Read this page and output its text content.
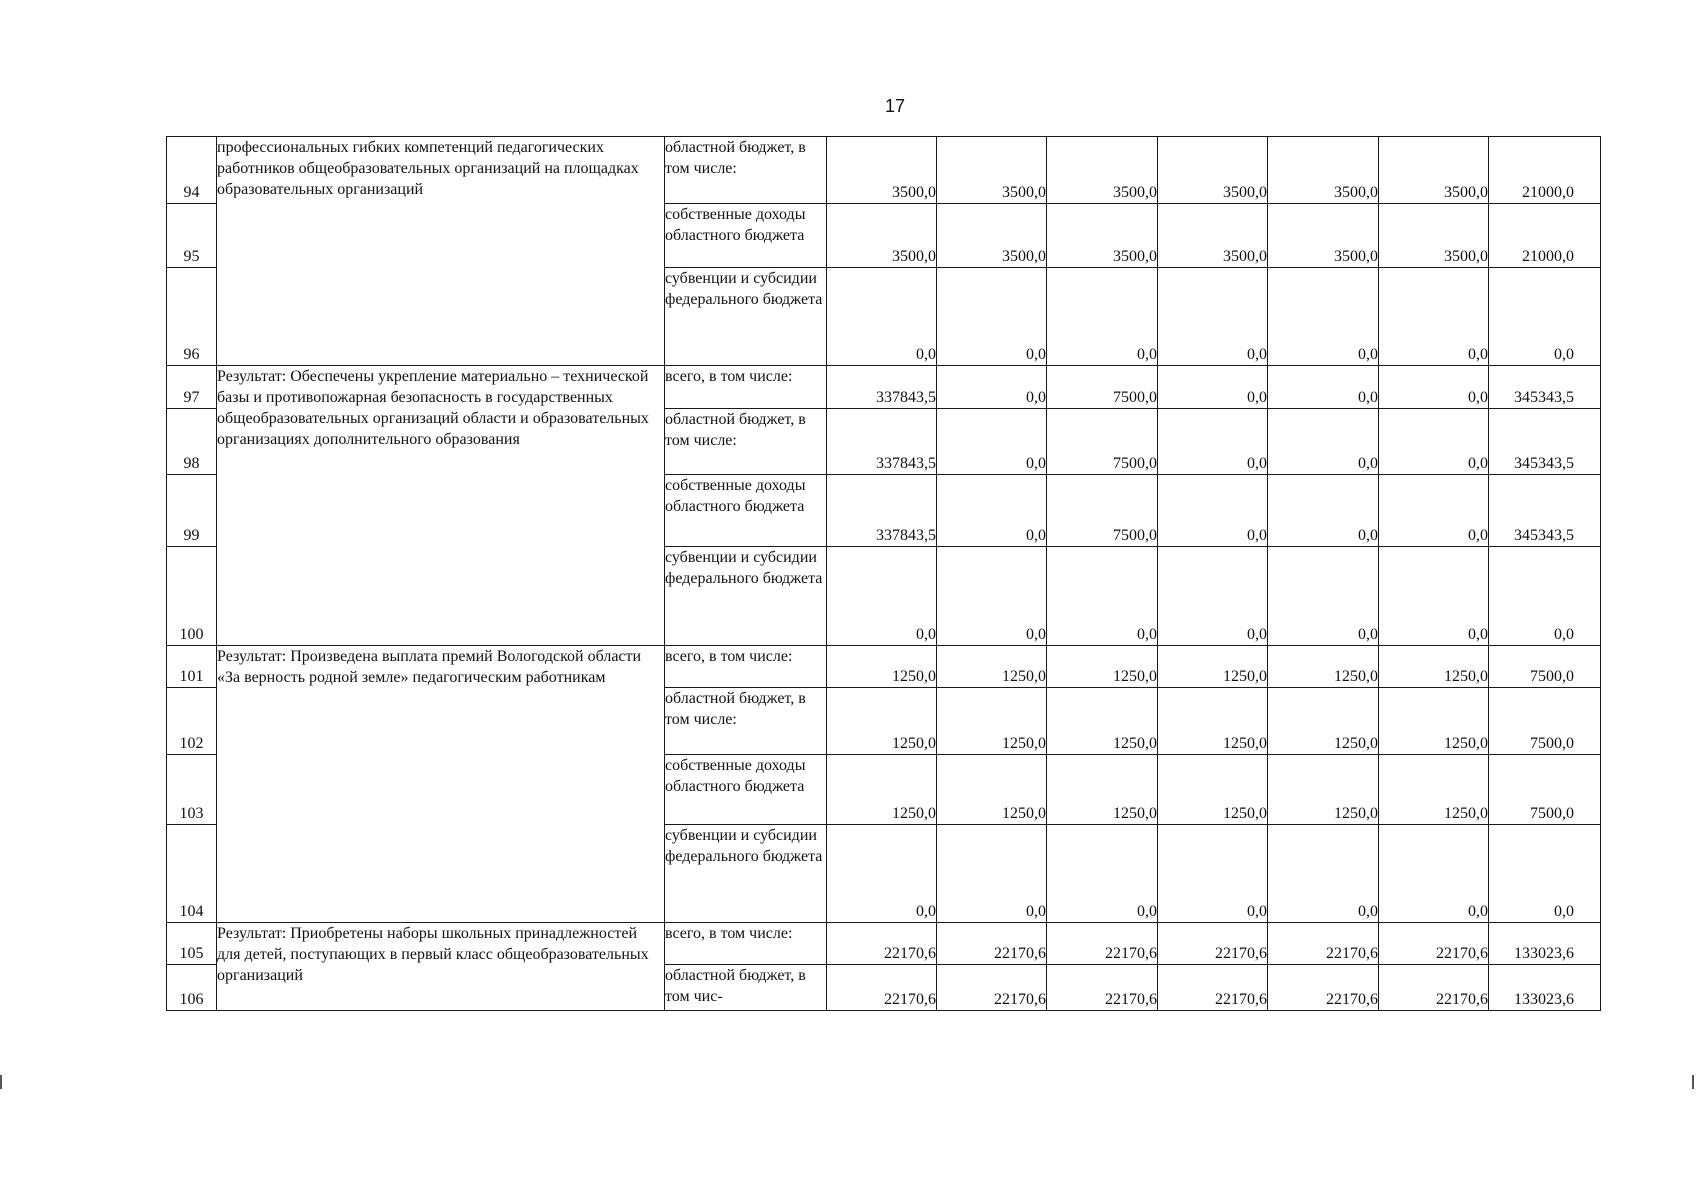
17
94	профессиональных гибких компетенций педагогических работников общеобразовательных организаций на площадках образовательных организаций	областной бюджет, в том числе:	3500,0	3500,0	3500,0	3500,0	3500,0	3500,0	21000,0
95		собственные доходы областного бюджета	3500,0	3500,0	3500,0	3500,0	3500,0	3500,0	21000,0
96		субвенции и субсидии федерального бюджета	0,0	0,0	0,0	0,0	0,0	0,0	0,0
97	Результат: Обеспечены укрепление материально – технической базы и противопожарная безопасность в государственных общеобразовательных организаций области и образовательных организациях дополнительного образования	всего, в том числе:	337843,5	0,0	7500,0	0,0	0,0	0,0	345343,5
98		областной бюджет, в том числе:	337843,5	0,0	7500,0	0,0	0,0	0,0	345343,5
99		собственные доходы областного бюджета	337843,5	0,0	7500,0	0,0	0,0	0,0	345343,5
100		субвенции и субсидии федерального бюджета	0,0	0,0	0,0	0,0	0,0	0,0	0,0
101	Результат: Произведена выплата премий Вологодской области «За верность родной земле» педагогическим работникам	всего, в том числе:	1250,0	1250,0	1250,0	1250,0	1250,0	1250,0	7500,0
102		областной бюджет, в том числе:	1250,0	1250,0	1250,0	1250,0	1250,0	1250,0	7500,0
103		собственные доходы областного бюджета	1250,0	1250,0	1250,0	1250,0	1250,0	1250,0	7500,0
104		субвенции и субсидии федерального бюджета	0,0	0,0	0,0	0,0	0,0	0,0	0,0
105	Результат: Приобретены наборы школьных принадлежностей для детей, поступающих в первый класс общеобразовательных организаций	всего, в том числе:	22170,6	22170,6	22170,6	22170,6	22170,6	22170,6	133023,6
106		областной бюджет, в том чис-	22170,6	22170,6	22170,6	22170,6	22170,6	22170,6	133023,6
